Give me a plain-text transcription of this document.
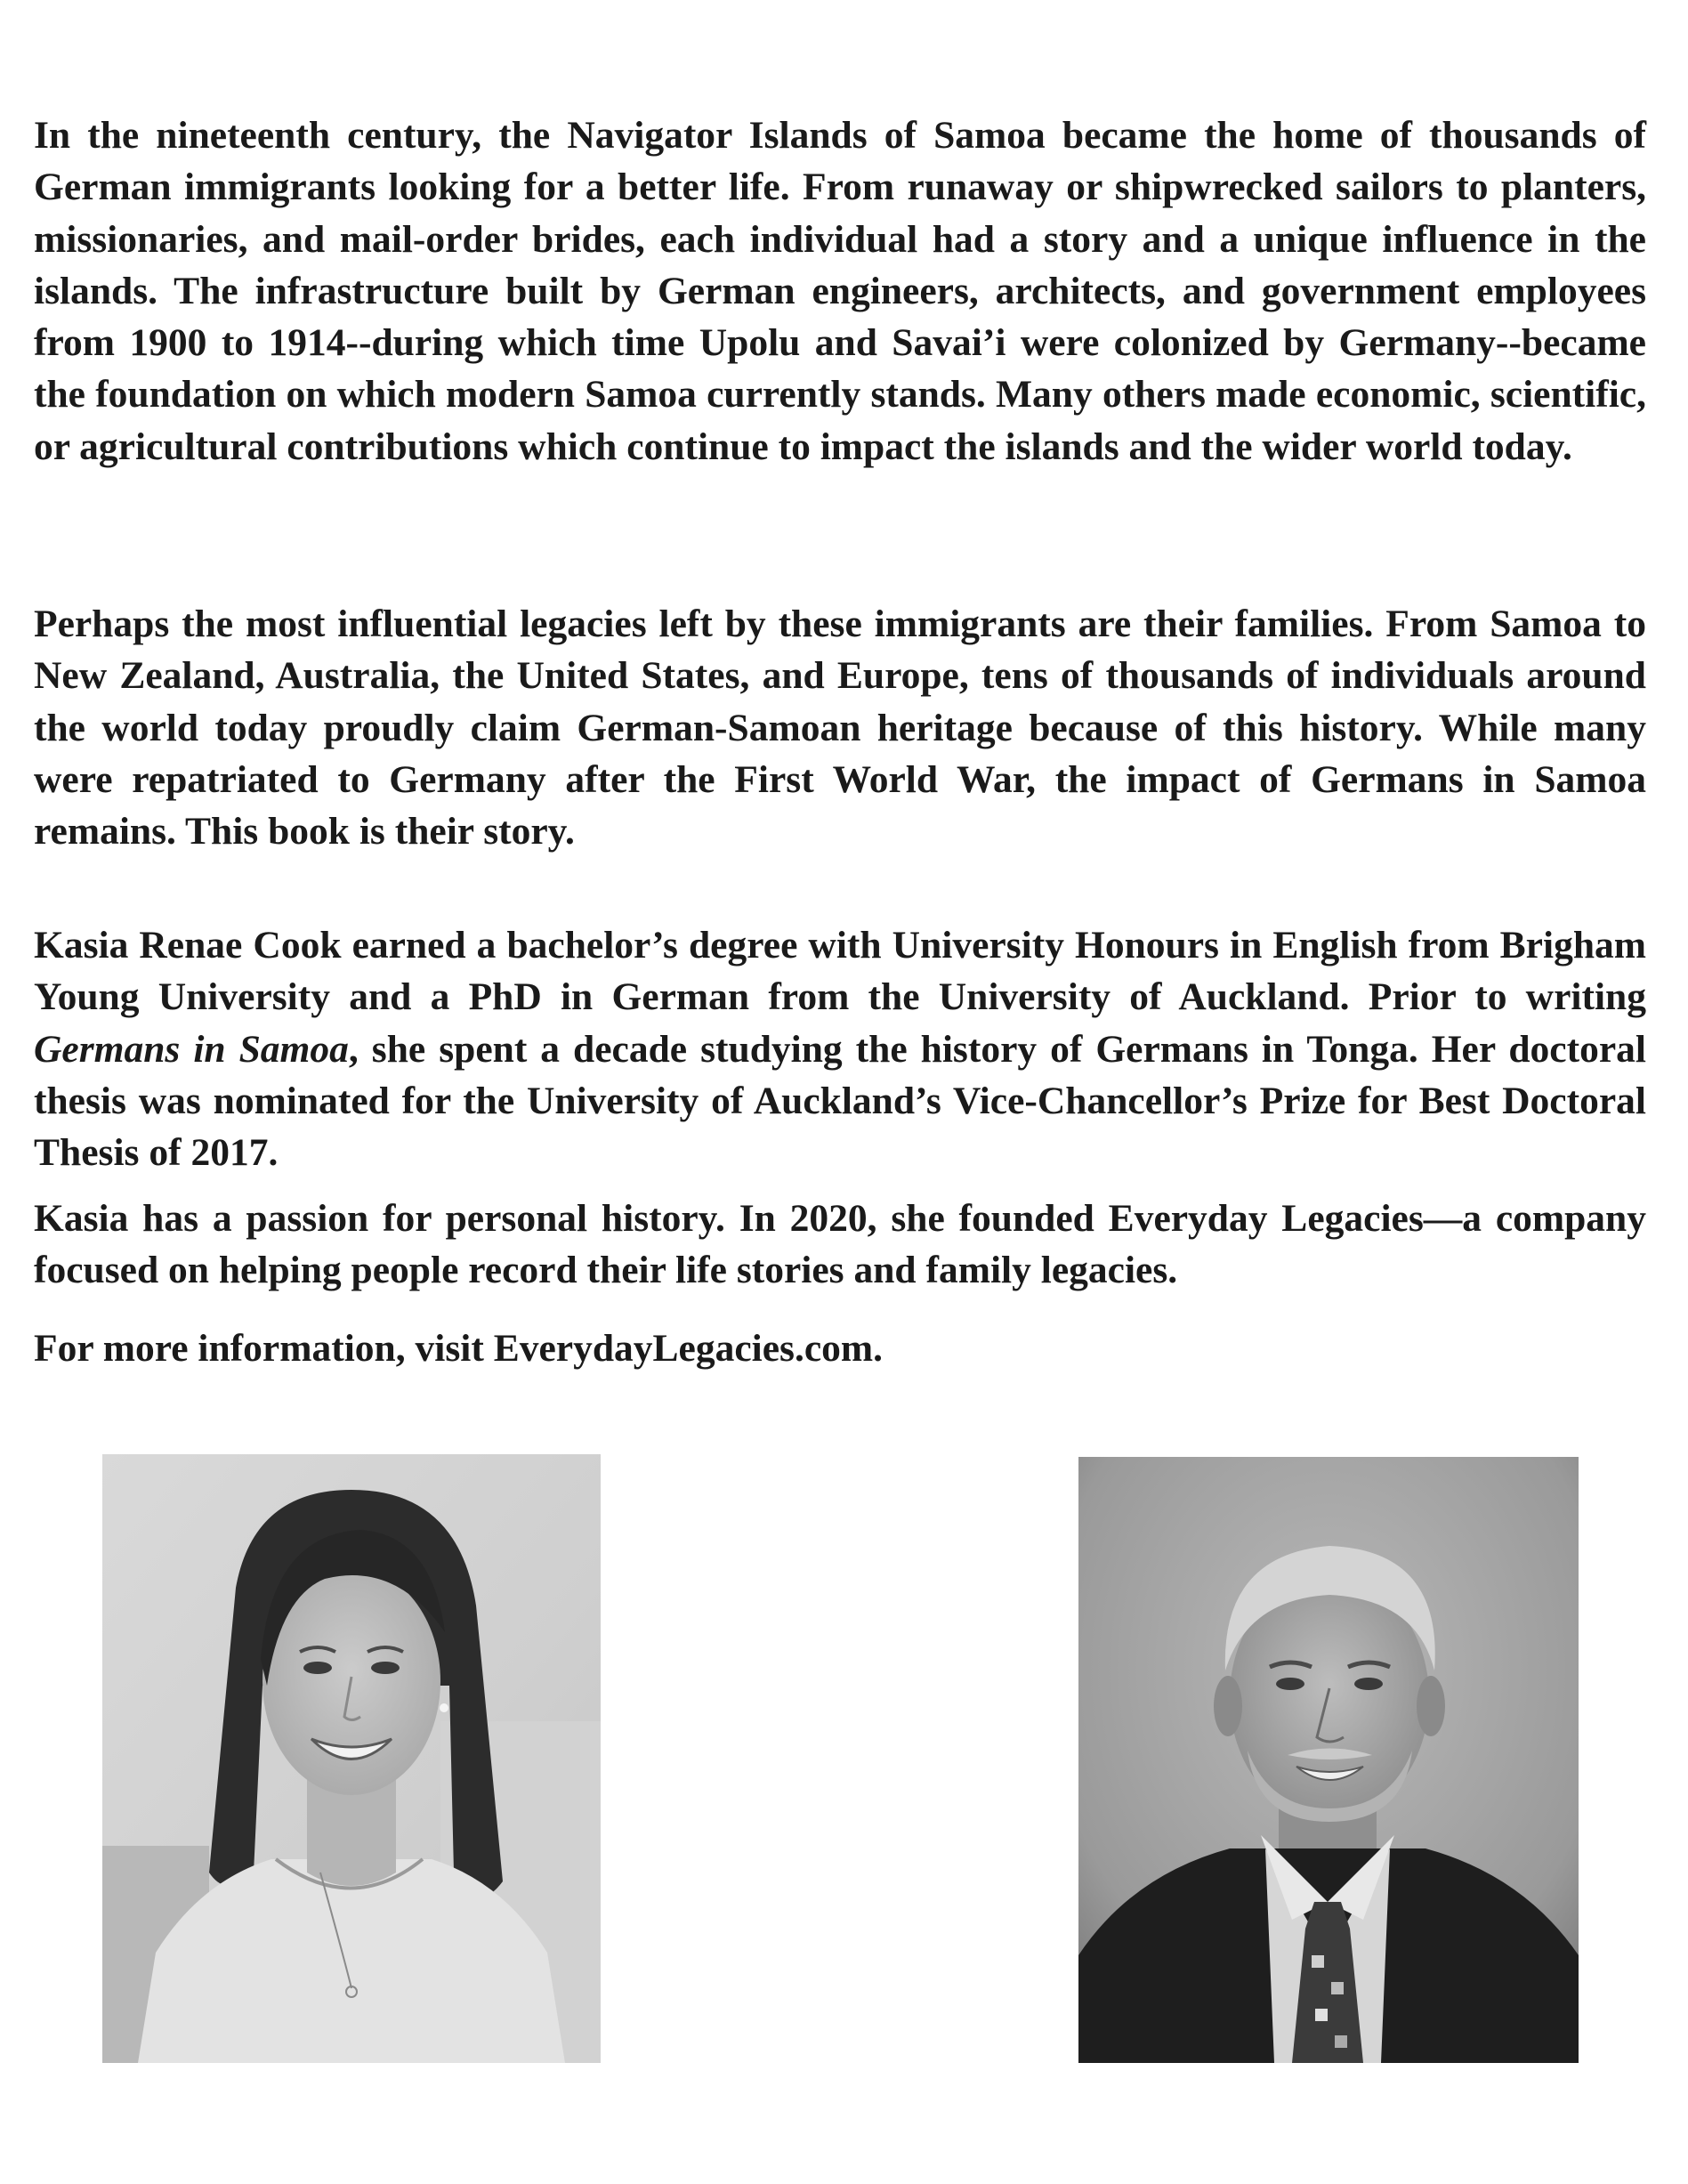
In the nineteenth century, the Navigator Islands of Samoa became the home of thousands of German immigrants looking for a better life. From runaway or shipwrecked sailors to planters, missionaries, and mail-order brides, each individual had a story and a unique influence in the islands. The infrastructure built by German engineers, architects, and government employees from 1900 to 1914--during which time Upolu and Savai’i were colonized by Germany--became the foundation on which modern Samoa currently stands. Many others made economic, scientific, or agricultural contributions which continue to impact the islands and the wider world today.

Perhaps the most influential legacies left by these immigrants are their families. From Samoa to New Zealand, Australia, the United States, and Europe, tens of thousands of individuals around the world today proudly claim German-Samoan heritage because of this history. While many were repatriated to Germany after the First World War, the impact of Germans in Samoa remains. This book is their story.

Kasia Renae Cook earned a bachelor’s degree with University Honours in English from Brigham Young University and a PhD in German from the University of Auckland. Prior to writing Germans in Samoa, she spent a decade studying the history of Germans in Tonga. Her doctoral thesis was nominated for the University of Auckland’s Vice-Chancellor’s Prize for Best Doctoral Thesis of 2017.

Kasia has a passion for personal history. In 2020, she founded Everyday Legacies—a company focused on helping people record their life stories and family legacies.

For more information, visit EverydayLegacies.com.
